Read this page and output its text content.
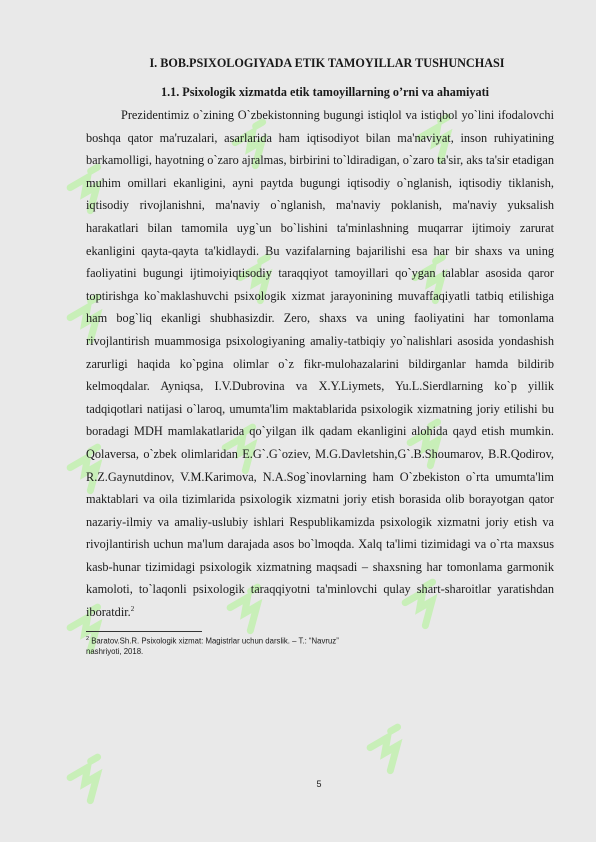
I. BOB.PSIXOLOGIYADA ETIK TAMOYILLAR TUSHUNCHASI
1.1. Psixologik xizmatda etik tamoyillarning o’rni va ahamiyati

Prezidentimiz o`zining O`zbekistonning bugungi istiqlol va istiqbol yo`lini ifodalovchi boshqa qator ma'ruzalari, asarlarida ham iqtisodiyot bilan ma'naviyat, inson ruhiyatining barkamolligi, hayotning o`zaro ajralmas, birbirini to`ldiradigan, o`zaro ta'sir, aks ta'sir etadigan muhim omillari ekanligini, ayni paytda bugungi iqtisodiy o`nglanish, iqtisodiy tiklanish, iqtisodiy rivojlanishni, ma'naviy o`nglanish, ma'naviy poklanish, ma'naviy yuksalish harakatlari bilan tamomila uyg`un bo`lishini ta'minlashning muqarrar ijtimoiy zarurat ekanligini qayta-qayta ta'kidlaydi. Bu vazifalarning bajarilishi esa har bir shaxs va uning faoliyatini bugungi ijtimoiyiqtisodiy taraqqiyot tamoyillari qo`ygan talablar asosida qaror toptirishga ko`maklashuvchi psixologik xizmat jarayonining muvaffaqiyatli tatbiq etilishiga ham bog`liq ekanligi shubhasizdir. Zero, shaxs va uning faoliyatini har tomonlama rivojlantirish muammosiga psixologiyaning amaliy-tatbiqiy yo`nalishlari asosida yondashish zarurligi haqida ko`pgina olimlar o`z fikr-mulohazalarini bildirganlar hamda bildirib kelmoqdalar. Ayniqsa, I.V.Dubrovina va X.Y.Liymets, Yu.L.Sierdlarning ko`p yillik tadqiqotlari natijasi o`laroq, umumta'lim maktablarida psixologik xizmatning joriy etilishi bu boradagi MDH mamlakatlarida qo`yilgan ilk qadam ekanligini alohida qayd etish mumkin. Qolaversa, o`zbek olimlaridan E.G`.G`oziev, M.G.Davletshin,G`.B.Shoumarov, B.R.Qodirov, R.Z.Gaynutdinov, V.M.Karimova, N.A.Sog`inovlarning ham O`zbekiston o`rta umumta'lim maktablari va oila tizimlarida psixologik xizmatni joriy etish borasida olib borayotgan qator nazariy-ilmiy va amaliy-uslubiy ishlari Respublikamizda psixologik xizmatni joriy etish va rivojlantirish uchun ma'lum darajada asos bo`lmoqda. Xalq ta'limi tizimidagi va o`rta maxsus kasb-hunar tizimidagi psixologik xizmatning maqsadi – shaxsning har tomonlama garmonik kamoloti, to`laqonli psixologik taraqqiyotni ta'minlovchi qulay shart-sharoitlar yaratishdan iboratdir.$^2$

$^2$ Baratov.Sh.R. Psixologik xizmat: Magistrlar uchun darslik. – T.: “Navruz” nashriyoti, 2018.
5
